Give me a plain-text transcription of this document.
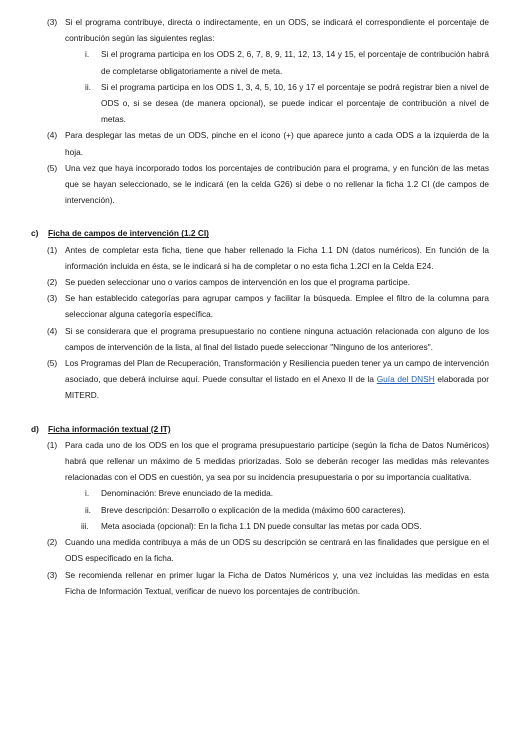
(3) Si el programa contribuye, directa o indirectamente, en un ODS, se indicará el correspondiente el porcentaje de contribución según las siguientes reglas:
i. Si el programa participa en los ODS 2, 6, 7, 8, 9, 11, 12, 13, 14 y 15, el porcentaje de contribución habrá de completarse obligatoriamente a nivel de meta.
ii. Si el programa participa en los ODS 1, 3, 4, 5, 10, 16 y 17 el porcentaje se podrá registrar bien a nivel de ODS o, si se desea (de manera opcional), se puede indicar el porcentaje de contribución a nivel de metas.
(4) Para desplegar las metas de un ODS, pinche en el icono (+) que aparece junto a cada ODS a la izquierda de la hoja.
(5) Una vez que haya incorporado todos los porcentajes de contribución para el programa, y en función de las metas que se hayan seleccionado, se le indicará (en la celda G26) si debe o no rellenar la ficha 1.2 CI (de campos de intervención).
c) Ficha de campos de intervención (1.2 CI)
(1) Antes de completar esta ficha, tiene que haber rellenado la Ficha 1.1 DN (datos numéricos). En función de la información incluida en ésta, se le indicará si ha de completar o no esta ficha 1.2CI en la Celda E24.
(2) Se pueden seleccionar uno o varios campos de intervención en los que el programa participe.
(3) Se han establecido categorías para agrupar campos y facilitar la búsqueda. Emplee el filtro de la columna para seleccionar alguna categoría específica.
(4) Si se considerara que el programa presupuestario no contiene ninguna actuación relacionada con alguno de los campos de intervención de la lista, al final del listado puede seleccionar "Ninguno de los anteriores".
(5) Los Programas del Plan de Recuperación, Transformación y Resiliencia pueden tener ya un campo de intervención asociado, que deberá incluirse aquí. Puede consultar el listado en el Anexo II de la Guía del DNSH elaborada por MITERD.
d) Ficha información textual (2 IT)
(1) Para cada uno de los ODS en los que el programa presupuestario participe (según la ficha de Datos Numéricos) habrá que rellenar un máximo de 5 medidas priorizadas. Solo se deberán recoger las medidas más relevantes relacionadas con el ODS en cuestión, ya sea por su incidencia presupuestaria o por su importancia cualitativa.
i. Denominación: Breve enunciado de la medida.
ii. Breve descripción: Desarrollo o explicación de la medida (máximo 600 caracteres).
iii. Meta asociada (opcional): En la ficha 1.1 DN puede consultar las metas por cada ODS.
(2) Cuando una medida contribuya a más de un ODS su descripción se centrará en las finalidades que persigue en el ODS especificado en la ficha.
(3) Se recomienda rellenar en primer lugar la Ficha de Datos Numéricos y, una vez incluidas las medidas en esta Ficha de Información Textual, verificar de nuevo los porcentajes de contribución.
